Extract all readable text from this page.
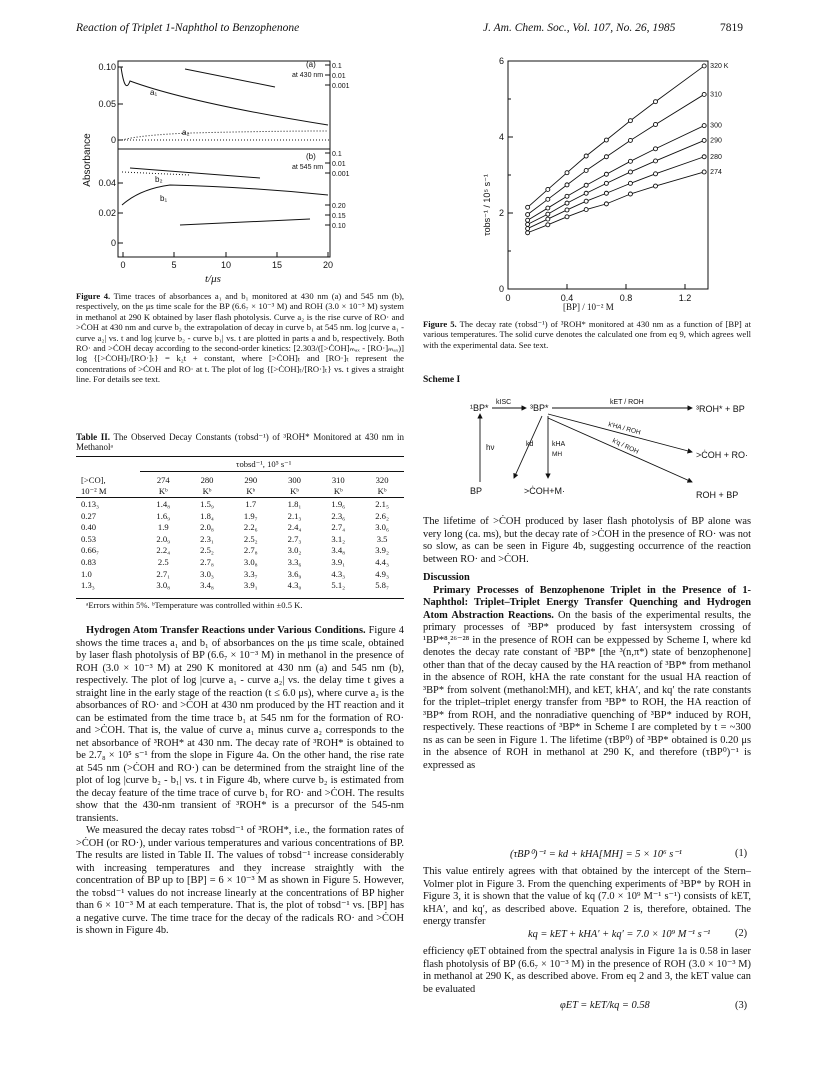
Reaction of Triplet 1-Naphthol to Benzophenone	J. Am. Chem. Soc., Vol. 107, No. 26, 1985	7819
0.10
0.05
0
0.04
0.02
0
0.1
0.01
0.001
0.1
0.01
0.001
0.20
0.15
0.10
0	5	10	15	20
(a)
at 430 nm
(b)
at 545 nm
a₁
a₂
b₂
b₁
Absorbance
t/μs
Figure 4. Time traces of absorbances a₁ and b₁ monitored at 430 nm (a) and 545 nm (b), respectively, on the μs time scale for the BP (6.6₇ × 10⁻³ M) and ROH (3.0 × 10⁻³ M) system in methanol at 290 K obtained by laser flash photolysis. Curve a₂ is the rise curve of RO· and >ĊOH at 430 nm and curve b₂ the extrapolation of decay in curve b₁ at 545 nm. log |curve a₁ - curve a₂| vs. t and log |curve b₂ - curve b₁| vs. t are plotted in parts a and b, respectively. Both RO· and >ĊOH decay according to the second-order kinetics: [2.303/([>ĊOH]ₘₐₓ - [RO·]ₘₐₓ)] log {[>ĊOH]ₜ/[RO·]ₜ} = k₂t + constant, where [>ĊOH]ₜ and [RO·]ₜ represent the concentrations of >ĊOH and RO· at t. The plot of log {[>ĊOH]ₜ/[RO·]ₜ} vs. t gives a straight line. For details see text.
Table II. The Observed Decay Constants (τobsd⁻¹) of ³ROH* Monitored at 430 nm in Methanolᵃ
τobsd⁻¹, 10⁵ s⁻¹
[>CO],	274	280	290	300	310	320
10⁻² M	Kᵇ	Kᵇ	Kᵇ	Kᵇ	Kᵇ	Kᵇ
0.13₃	1.4₈	1.5₉	1.7	1.8₁	1.9₆	2.1₅
0.27	1.6₉	1.8₄	1.9₇	2.1₃	2.3₆	2.6₂
0.40	1.9	2.0₈	2.2₆	2.4₄	2.7₄	3.0₆
0.53	2.0₉	2.3₁	2.5₂	2.7₃	3.1₂	3.5
0.66₇	2.2₄	2.5₂	2.7₈	3.0₂	3.4₈	3.9₂
0.83	2.5	2.7₈	3.0₈	3.3₆	3.9₁	4.4₃
1.0	2.7₁	3.0₃	3.3₇	3.6₉	4.3₃	4.9₃
1.3₃	3.0₈	3.4₈	3.9₁	4.3₀	5.1₂	5.8₇
ᵃErrors within 5%. ᵇTemperature was controlled within ±0.5 K.

Hydrogen Atom Transfer Reactions under Various Conditions. Figure 4 shows the time traces a₁ and b₁ of absorbances on the μs time scale, obtained by laser flash photolysis of BP (6.6₇ × 10⁻³ M) in methanol in the presence of ROH (3.0 × 10⁻³ M) at 290 K monitored at 430 nm (a) and 545 nm (b), respectively. The plot of log |curve a₁ - curve a₂| vs. the delay time t gives a straight line in the early stage of the reaction (t ≤ 6.0 μs), where curve a₂ is the absorbances of RO· and >ĊOH at 430 nm produced by the HT reaction and it can be estimated from the time trace b₁ at 545 nm for the formation of RO· and >ĊOH. That is, the value of curve a₁ minus curve a₂ corresponds to the net absorbance of ³ROH* at 430 nm. The decay rate of ³ROH* is obtained to be 2.7₈ × 10⁵ s⁻¹ from the slope in Figure 4a. On the other hand, the rise rate at 545 nm (>ĊOH and RO·) can be determined from the straight line of the plot of log |curve b₂ - b₁| vs. t in Figure 4b, where curve b₂ is estimated from the decay feature of the time trace of curve b₁ for RO· and >ĊOH. The results show that the 430-nm transient of ³ROH* is a precursor of the 545-nm transients.

We measured the decay rates τobsd⁻¹ of ³ROH*, i.e., the formation rates of >ĊOH (or RO·), under various temperatures and various concentrations of BP. The results are listed in Table II. The values of τobsd⁻¹ increase considerably with increasing temperatures and they increase straightly with the concentration of BP up to [BP] = 6 × 10⁻³ M as shown in Figure 5. However, the τobsd⁻¹ values do not increase linearly at the concentrations of BP higher than 6 × 10⁻³ M at each temperature. That is, the plot of τobsd⁻¹ vs. [BP] has a negative curve. The time trace for the decay of the radicals RO· and >ĊOH is shown in Figure 4b.

0
2
4
6
0	0.4	0.8	1.2
τobs⁻¹ / 10⁵ s⁻¹
274
280
290
300
310
320 K
[BP] / 10⁻² M
Figure 5. The decay rate (τobsd⁻¹) of ³ROH* monitored at 430 nm as a function of [BP] at various temperatures. The solid curve denotes the calculated one from eq 9, which agrees well with the experimental data. See text.
Scheme I
¹BP*
kISC
³BP*
kET / ROH
³ROH* + BP
k′HA / ROH
k′q / ROH	>ĊOH + RO·
hν	kd	kHA
MH
BP	>ĊOH+M·	ROH + BP

The lifetime of >ĊOH produced by laser flash photolysis of BP alone was very long (ca. ms), but the decay rate of >ĊOH in the presence of RO· was not so slow, as can be seen in Figure 4b, suggesting occurrence of the reaction between RO· and >ĊOH.

Discussion

Primary Processes of Benzophenone Triplet in the Presence of 1-Naphthol: Triplet–Triplet Energy Transfer Quenching and Hydrogen Atom Abstraction Reactions. On the basis of the experimental results, the primary processes of ³BP* produced by fast intersystem crossing of ¹BP*⁸,²⁶⁻²⁸ in the presence of ROH can be exppessed by Scheme I, where kd denotes the decay rate constant of ³BP* [the ³(n,π*) state of benzophenone] other than that of the decay caused by the HA reaction of ³BP* from methanol in the absence of ROH, kHA the rate constant for the usual HA reaction of ³BP* from solvent (methanol:MH), and kET, kHA′, and kq′ the rate constants for the triplet–triplet energy transfer from ³BP* to ROH, the HA reaction of ³BP* from ROH, and the nonradiative quenching of ³BP* induced by ROH, respectively. These reactions of ³BP* in Scheme I are completed by t = ~300 ns as can be seen in Figure 1. The lifetime (τBP⁰) of ³BP* obtained is 0.20 μs in the absence of ROH in methanol at 290 K, and therefore (τBP⁰)⁻¹ is expressed as

(τBP⁰)⁻¹ = kd + kHA[MH] = 5 × 10⁶ s⁻¹	(1)

This value entirely agrees with that obtained by the intercept of the Stern–Volmer plot in Figure 3. From the quenching experiments of ³BP* by ROH in Figure 3, it is shown that the value of kq (7.0 × 10⁹ M⁻¹ s⁻¹) consists of kET, kHA′, and kq′, as described above. Equation 2 is, therefore, obtained. The energy transfer

kq = kET + kHA′ + kq′ = 7.0 × 10⁹ M⁻¹ s⁻¹ (2)

efficiency φET obtained from the spectral analysis in Figure 1a is 0.58 in laser flash photolysis of BP (6.6₇ × 10⁻³ M) in the presence of ROH (3.0 × 10⁻³ M) in methanol at 290 K, as described above. From eq 2 and 3, the kET value can be evaluated

φET = kET/kq = 0.58	(3)
